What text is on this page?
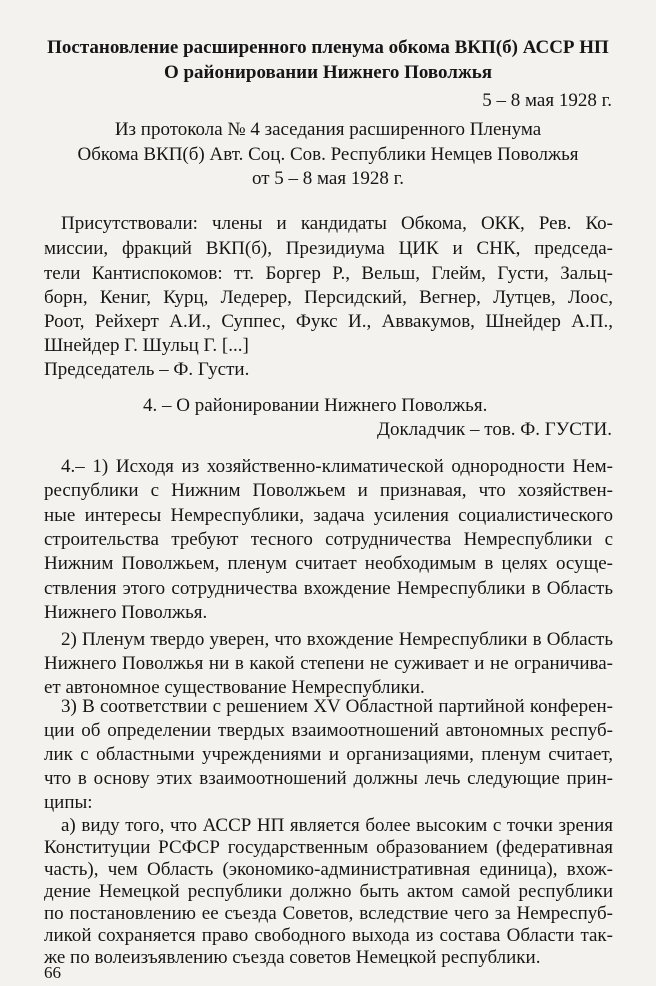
Постановление расширенного пленума обкома ВКП(б) АССР НП
О районировании Нижнего Поволжья
5 – 8 мая 1928 г.
Из протокола № 4 заседания расширенного Пленума
Обкома ВКП(б) Авт. Соц. Сов. Республики Немцев Поволжья
от 5 – 8 мая 1928 г.
Присутствовали: члены и кандидаты Обкома, ОКК, Рев. Ко-
миссии, фракций ВКП(б), Президиума ЦИК и СНК, председа-
тели Кантиспокомов: тт. Боргер Р., Вельш, Глейм, Густи, Зальц-
борн, Кениг, Курц, Ледерер, Персидский, Вегнер, Лутцев, Лоос,
Роот, Рейхерт А.И., Суппес, Фукс И., Аввакумов, Шнейдер А.П.,
Шнейдер Г. Шульц Г. [...]
Председатель – Ф. Густи.
4. – О районировании Нижнего Поволжья.
Докладчик – тов. Ф. ГУСТИ.
4.– 1) Исходя из хозяйственно-климатической однородности Нем-
республики с Нижним Поволжьем и признавая, что хозяйствен-
ные интересы Немреспублики, задача усиления социалистического
строительства требуют тесного сотрудничества Немреспублики с
Нижним Поволжьем, пленум считает необходимым в целях осуще-
ствления этого сотрудничества вхождение Немреспублики в Область
Нижнего Поволжья.
2) Пленум твердо уверен, что вхождение Немреспублики в Область
Нижнего Поволжья ни в какой степени не суживает и не ограничива-
ет автономное существование Немреспублики.
3) В соответствии с решением XV Областной партийной конферен-
ции об определении твердых взаимоотношений автономных респуб-
лик с областными учреждениями и организациями, пленум считает,
что в основу этих взаимоотношений должны лечь следующие прин-
ципы:
а) виду того, что АССР НП является более высоким с точки зрения
Конституции РСФСР государственным образованием (федеративная
часть), чем Область (экономико-административная единица), вхож-
дение Немецкой республики должно быть актом самой республики
по постановлению ее съезда Советов, вследствие чего за Немреспуб-
ликой сохраняется право свободного выхода из состава Области так-
же по волеизъявлению съезда советов Немецкой республики.
66
